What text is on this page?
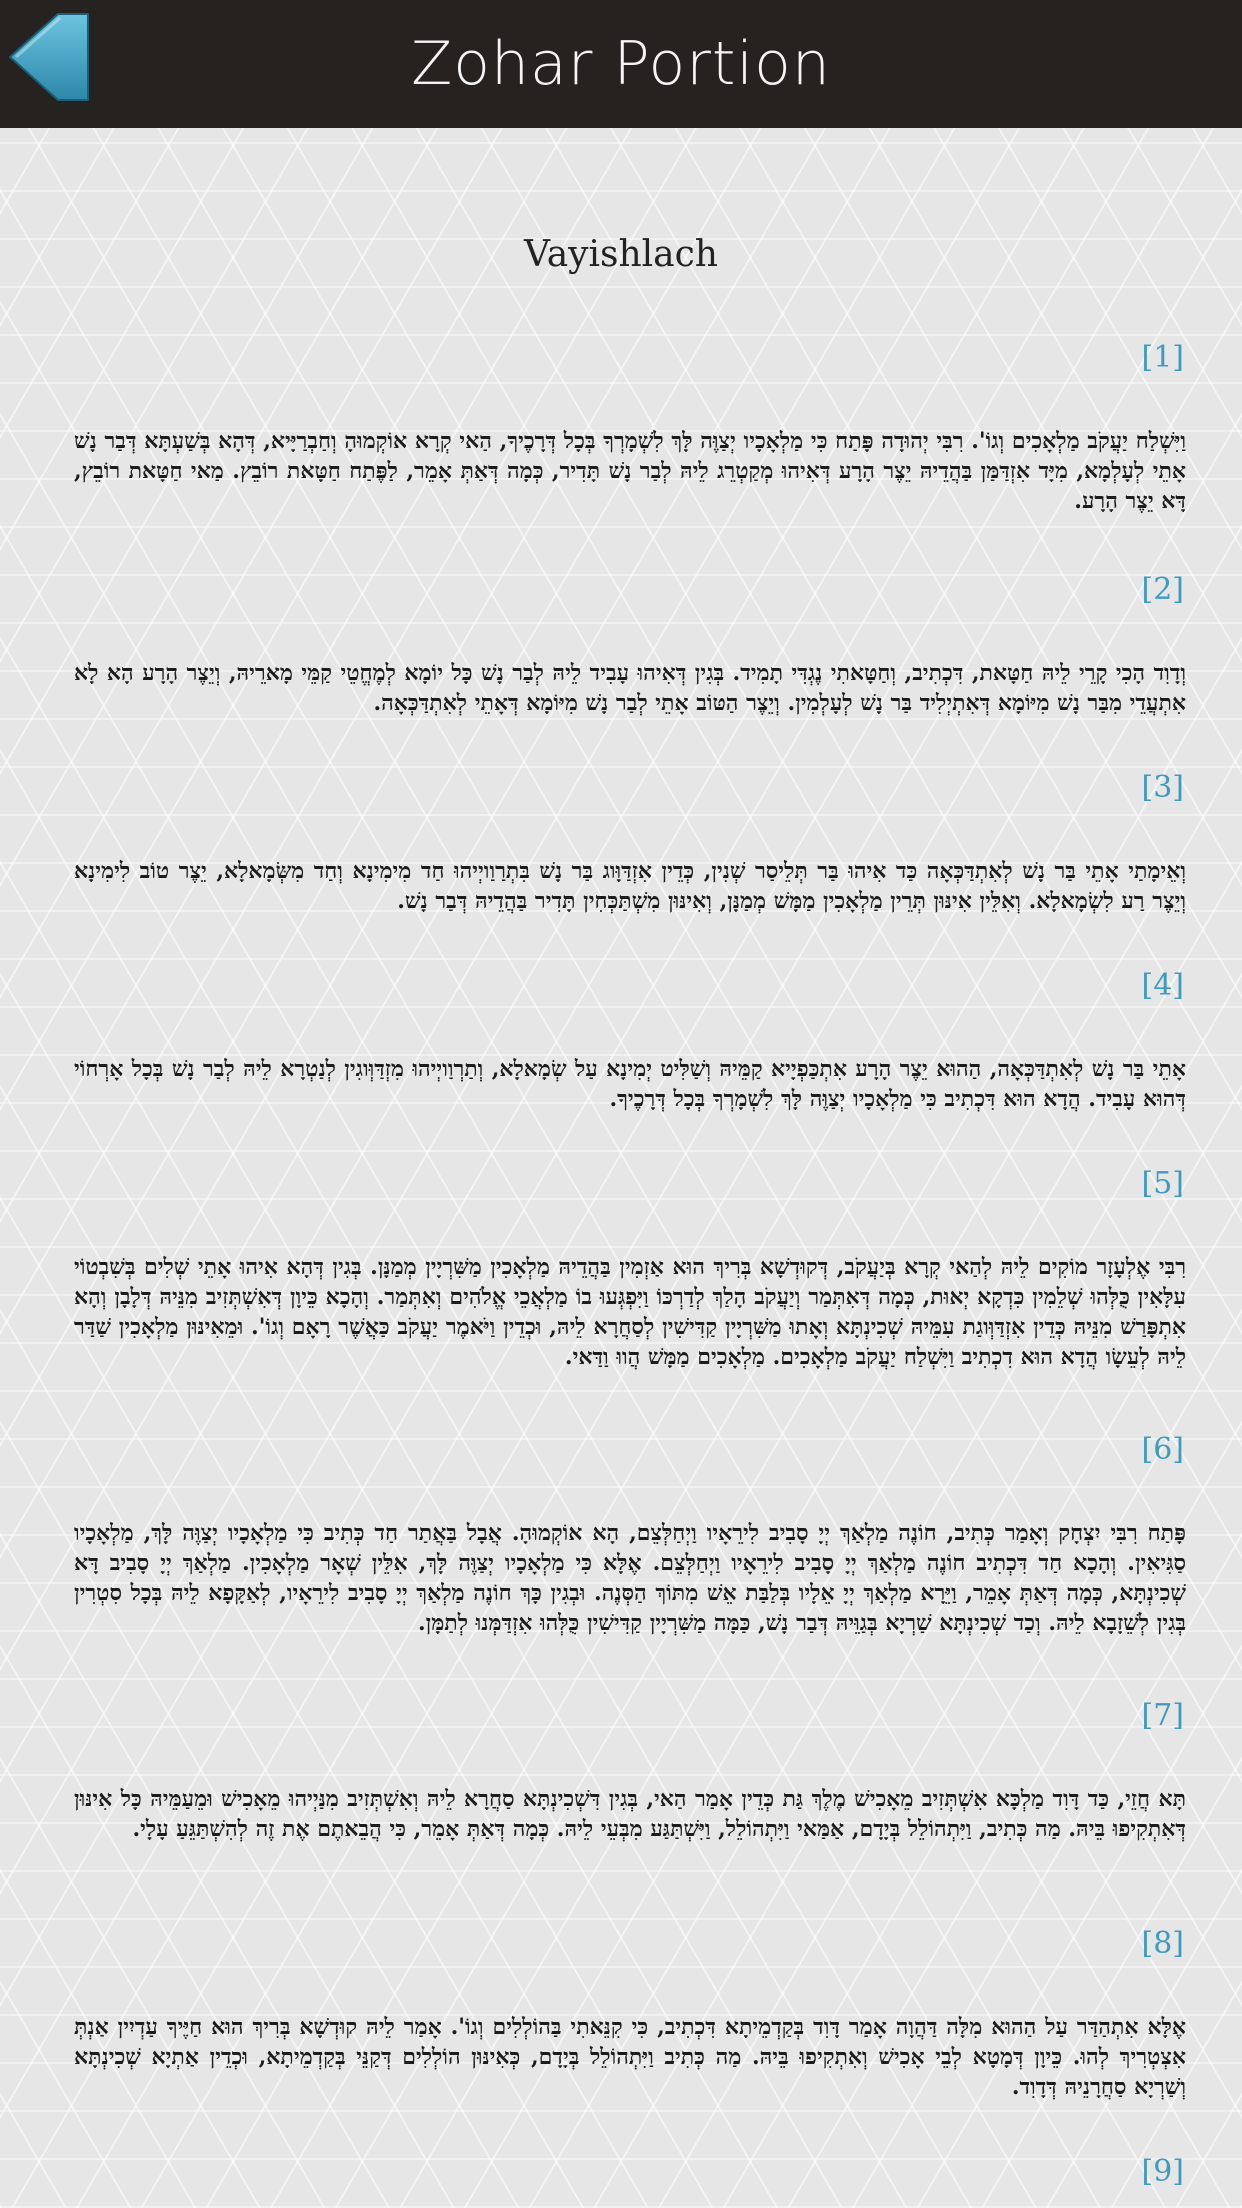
Zohar Portion
Vayishlach
[1]
וַיִּשְׁלַח יַעֲקֹב מַלְאָכִים וְגוֹ'. רִבִּי יְהוּדָה פָּתַח כִּי מַלְאָכָיו יְצַוֶּה לָּךְ לִשְׁמָרְךָ בְּכָל דְּרָכֶיךָ, הַאי קְרָא אוֹקְמוּהָ וְחַבְרַיָּיא, דְּהָא בְּשַׁעְתָּא דְּבַר נָשׁ אָתֵי לְעָלְמָא, מִיָּד אִזְדַּמַּן בַּהֲדֵיהּ יֵצֶר הָרָע דְּאִיהוּ מְקַטְרֵג לֵיהּ לְבַר נָשׁ תָּדִיר, כְּמָה דְּאַתְּ אָמֵר, לַפֶּתַח חַטָּאת רוֹבֵץ. מַאי חַטָּאת רוֹבֵץ, דָּא יֵצֶר הָרָע.
[2]
וְדָוִד הָכִי קָרֵי לֵיהּ חַטָּאת, דִּכְתִיב, וְחַטָּאתִי נֶגְדִּי תָמִיד. בְּגִין דְּאִיהוּ עָבִיד לֵיהּ לְבַר נָשׁ כָּל יוֹמָא לְמֶחֱטֵי קַמֵּי מָארֵיהּ, וְיֵצֶר הָרָע הָא לָא אִתְעֲדֵי מִבַּר נָשׁ מִיּוֹמָא דְּאִתְיְלִיד בַּר נָשׁ לְעָלְמִין. וְיֵצֶר הַטּוֹב אָתֵי לְבַר נָשׁ מִיּוֹמָא דְּאָתֵי לְאִתְדַּכְּאָה.
[3]
וְאֵימָתַי אָתֵי בַּר נָשׁ לְאִתְדַּכְּאָה כַּד אִיהוּ בַּר תְּלֵיסַר שְׁנִין, כְּדֵין אִזְדַּוָּוג בַּר נָשׁ בִּתְרַוַויְיהוּ חַד מִימִינָא וְחַד מִשְּׂמָאלָא, יֵצֶר טוֹב לִימִינָא וְיֵצֶר רַע לִשְׂמָאלָא. וְאִלֵּין אִינּוּן תְּרֵין מַלְאָכִין מַמָּשׁ מְמַנָּן, וְאִינּוּן מִשְׁתַּכְּחִין תָּדִיר בַּהֲדֵיהּ דְּבַר נָשׁ.
[4]
אָתֵי בַּר נָשׁ לְאִתְדַּכְּאָה, הַהוּא יֵצֶר הָרָע אִתְכַּפְיָיא קַמֵּיהּ וְשַׁלִּיט יְמִינָא עַל שְׂמָאלָא, וְתַרְוַויְיהוּ מִזְדַּוְּוגִין לְנַטְרָא לֵיהּ לְבַר נָשׁ בְּכָל אָרְחוֹי דְּהוּא עָבִיד. הֲדָא הוּא דִּכְתִיב כִּי מַלְאָכָיו יְצַוֶּה לָּךְ לִשְׁמָרְךָ בְּכָל דְּרָכֶיךָ.
[5]
רִבִּי אֶלְעָזָר מוֹקִים לֵיהּ לְהַאי קְרָא בְּיַעֲקֹב, דְּקוּדְשָׁא בְּרִיךְ הוּא אַזְמִין בַּהֲדֵיהּ מַלְאָכִין מַשִּׁרְיָין מְמַנָּן. בְּגִין דְּהָא אִיהוּ אָתֵי שְׁלִים בְּשִׁבְטוֹי עִלָּאִין כֻּלְּהוּ שְׁלֵמִין כִּדְקָא יְאוּת, כְּמָה דְּאִתְּמַר וְיַעֲקֹב הָלַךְ לְדַרְכּוֹ וַיִּפְגְּעוּ בוֹ מַלְאֲכֵי אֱלֹהִים וְאִתְּמַר. וְהָכָא כֵּיוָן דְּאִשְׁתְּזִיב מִנֵּיהּ דְּלָבָן וְהָא אִתְפָּרַשׁ מִנֵּיהּ כְּדֵין אִזְדַּוְּוגַת עִמֵּיהּ שְׁכִינְתָּא וְאָתוּ מַשִּׁרְיָין קַדִּישִׁין לְסַחֲרָא לֵיהּ, וּכְדֵין וַיֹּאמֶר יַעֲקֹב כַּאֲשֶׁר רָאָם וְגוֹ'. וּמֵאִינּוּן מַלְאָכִין שַׁדַּר לֵיהּ לְעֵשָׂו הֲדָא הוּא דִכְתִיב וַיִּשְׁלַח יַעֲקֹב מַלְאָכִים. מַלְאָכִים מַמָּשׁ הֲווּ וַדַּאי.
[6]
פָּתַח רִבִּי יִצְחָק וְאָמַר כְּתִיב, חוֹנֶה מַלְאַךְ יְיָ סָבִיב לִירֵאָיו וַיְחַלְּצֵם, הָא אוֹקְמוּהָ. אֲבָל בַּאֲתַר חַד כְּתִיב כִּי מַלְאָכָיו יְצַוֶּה לָּךְ, מַלְאָכָיו סַגִּיאִין. וְהָכָא חַד דִּכְתִיב חוֹנֶה מַלְאַךְ יְיָ סָבִיב לִירֵאָיו וַיְחַלְּצֵם. אֶלָּא כִּי מַלְאָכָיו יְצַוֶּה לָּךְ, אִלֵּין שְׁאָר מַלְאָכִין. מַלְאַךְ יְיָ סָבִיב דָּא שְׁכִינְתָּא, כְּמָה דְּאַתְּ אָמֵר, וַיֵּרָא מַלְאַךְ יְיָ אֵלָיו בְּלַבַּת אֵשׁ מִתּוֹךְ הַסְּנֶה. וּבְגִין כָּךְ חוֹנֶה מַלְאַךְ יְיָ סָבִיב לִירֵאָיו, לְאַקָּפָא לֵיהּ בְּכָל סִטְרִין בְּגִין לְשֵׁזָבָא לֵיהּ. וְכַד שְׁכִינְתָּא שַׁרְיָא בְּגַוֵּיהּ דְּבַר נָשׁ, כַּמָּה מַשִּׁרְיָין קַדִּישִׁין כֻּלְּהוּ אִזְדַּמְּנוּ לְתַמָּן.
[7]
תָּא חֲזֵי, כַּד דָּוִד מַלְכָּא אִשְׁתְּזִיב מֵאָכִישׁ מֶלֶךְ גַּת כְּדֵין אָמַר הַאי, בְּגִין דִּשְׁכִינְתָּא סַחֲרָא לֵיהּ וְאִשְׁתְּזִיב מִנַּיְיהוּ מֵאָכִישׁ וּמֵעַמֵּיהּ כָּל אִינּוּן דְּאִתְקִיפוּ בֵּיהּ. מַה כְּתִיב, וַיִּתְהוֹלֵל בְּיָדָם, אַמַּאי וַיִּתְהוֹלֵל, וַיִּשְׁתַּגַּע מִבְּעֵי לֵיהּ. כְּמָה דְּאַתְּ אָמֵר, כִּי הֲבֵאתֶם אֶת זֶה לְהִשְׁתַּגֵּעַ עָלָי.
[8]
אֶלָּא אִתְהַדַּר עַל הַהוּא מִלָּה דַּהֲוָה אָמַר דָּוִד בְּקַדְמֵיתָא דִּכְתִיב, כִּי קִנֵּאתִי בַּהוֹלְלִים וְגוֹ'. אָמַר לֵיהּ קוּדְשָׁא בְּרִיךְ הוּא חַיֶּיךָ עַדְיִין אַנְתְּ אִצְטְרִיךְ לְהוּ. כֵּיוָן דְּמָטָא לְבֵי אָכִישׁ וְאִתְקִיפוּ בֵּיהּ. מַה כְּתִיב וַיִּתְהוֹלֵל בְּיָדָם, כְּאִינּוּן הוֹלְלִים דְּקַנֵּי בְּקַדְמֵיתָא, וּכְדֵין אַתְיָא שְׁכִינְתָּא וְשַׁרְיָא סַחֲרָנֵיהּ דְּדָוִד.
[9]
